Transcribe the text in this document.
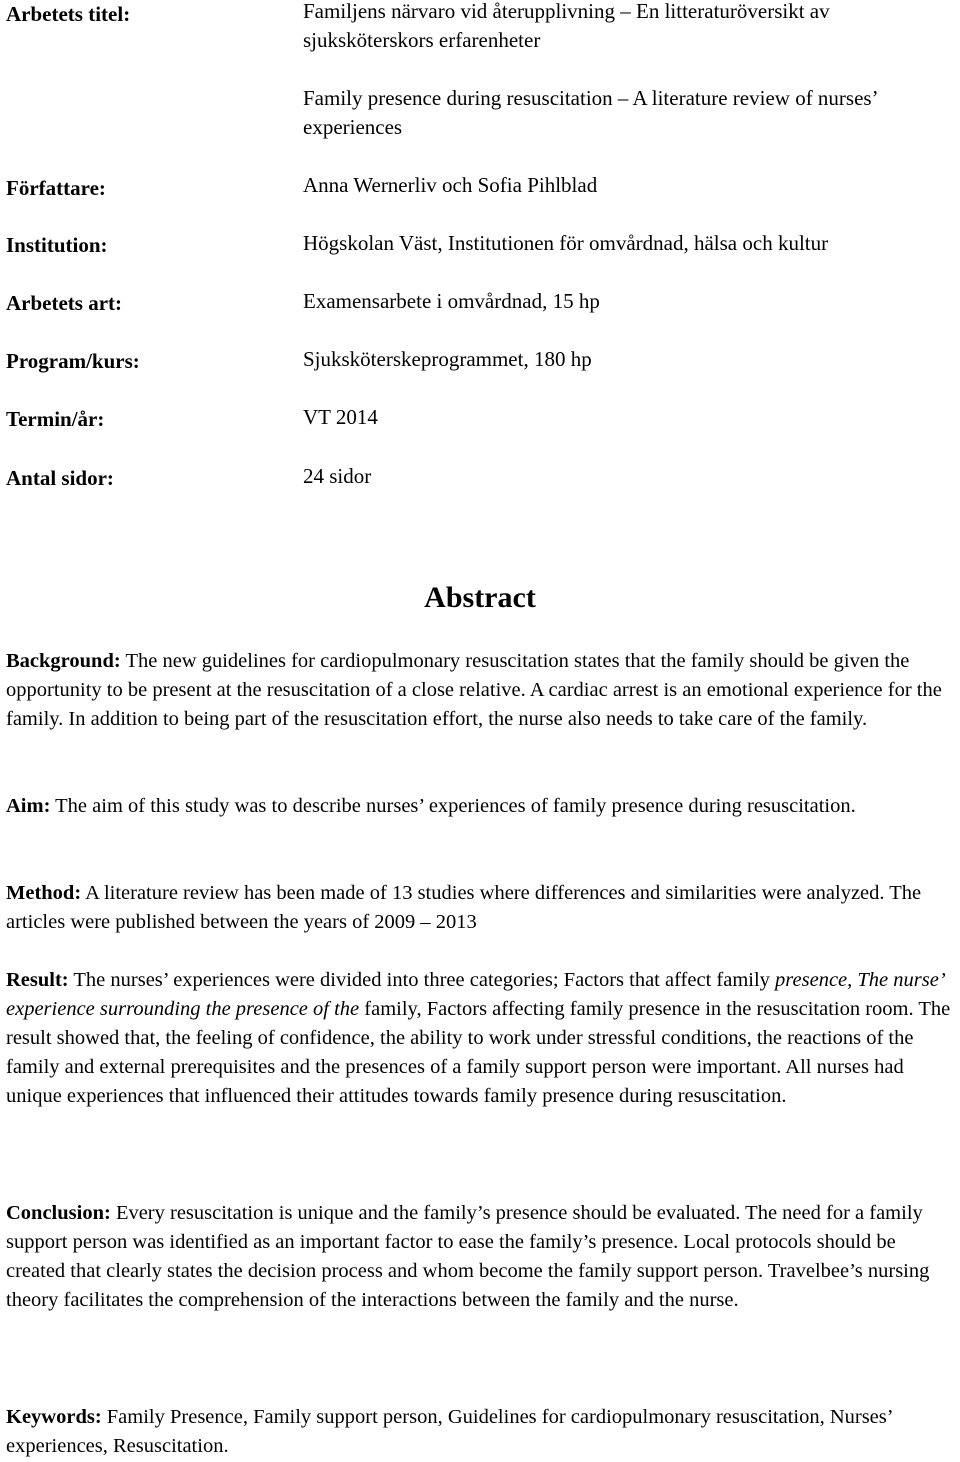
Arbetets titel:	Familjens närvaro vid återupplivning – En litteraturöversikt av sjuksköterskors erfarenheter
Family presence during resuscitation – A literature review of nurses’ experiences
Författare:	Anna Wernerliv och Sofia Pihlblad
Institution:	Högskolan Väst, Institutionen för omvårdnad, hälsa och kultur
Arbetets art:	Examensarbete i omvårdnad, 15 hp
Program/kurs:	Sjuksköterskeprogrammet, 180 hp
Termin/år:	VT 2014
Antal sidor:	24 sidor
Abstract
Background: The new guidelines for cardiopulmonary resuscitation states that the family should be given the opportunity to be present at the resuscitation of a close relative. A cardiac arrest is an emotional experience for the family. In addition to being part of the resuscitation effort, the nurse also needs to take care of the family.
Aim: The aim of this study was to describe nurses’ experiences of family presence during resuscitation.
Method: A literature review has been made of 13 studies where differences and similarities were analyzed. The articles were published between the years of 2009 – 2013
Result: The nurses’ experiences were divided into three categories; Factors that affect family presence, The nurse’ experience surrounding the presence of the family, Factors affecting family presence in the resuscitation room. The result showed that, the feeling of confidence, the ability to work under stressful conditions, the reactions of the family and external prerequisites and the presences of a family support person were important. All nurses had unique experiences that influenced their attitudes towards family presence during resuscitation.
Conclusion: Every resuscitation is unique and the family’s presence should be evaluated. The need for a family support person was identified as an important factor to ease the family’s presence. Local protocols should be created that clearly states the decision process and whom become the family support person. Travelbee’s nursing theory facilitates the comprehension of the interactions between the family and the nurse.
Keywords: Family Presence, Family support person, Guidelines for cardiopulmonary resuscitation, Nurses’ experiences, Resuscitation.
